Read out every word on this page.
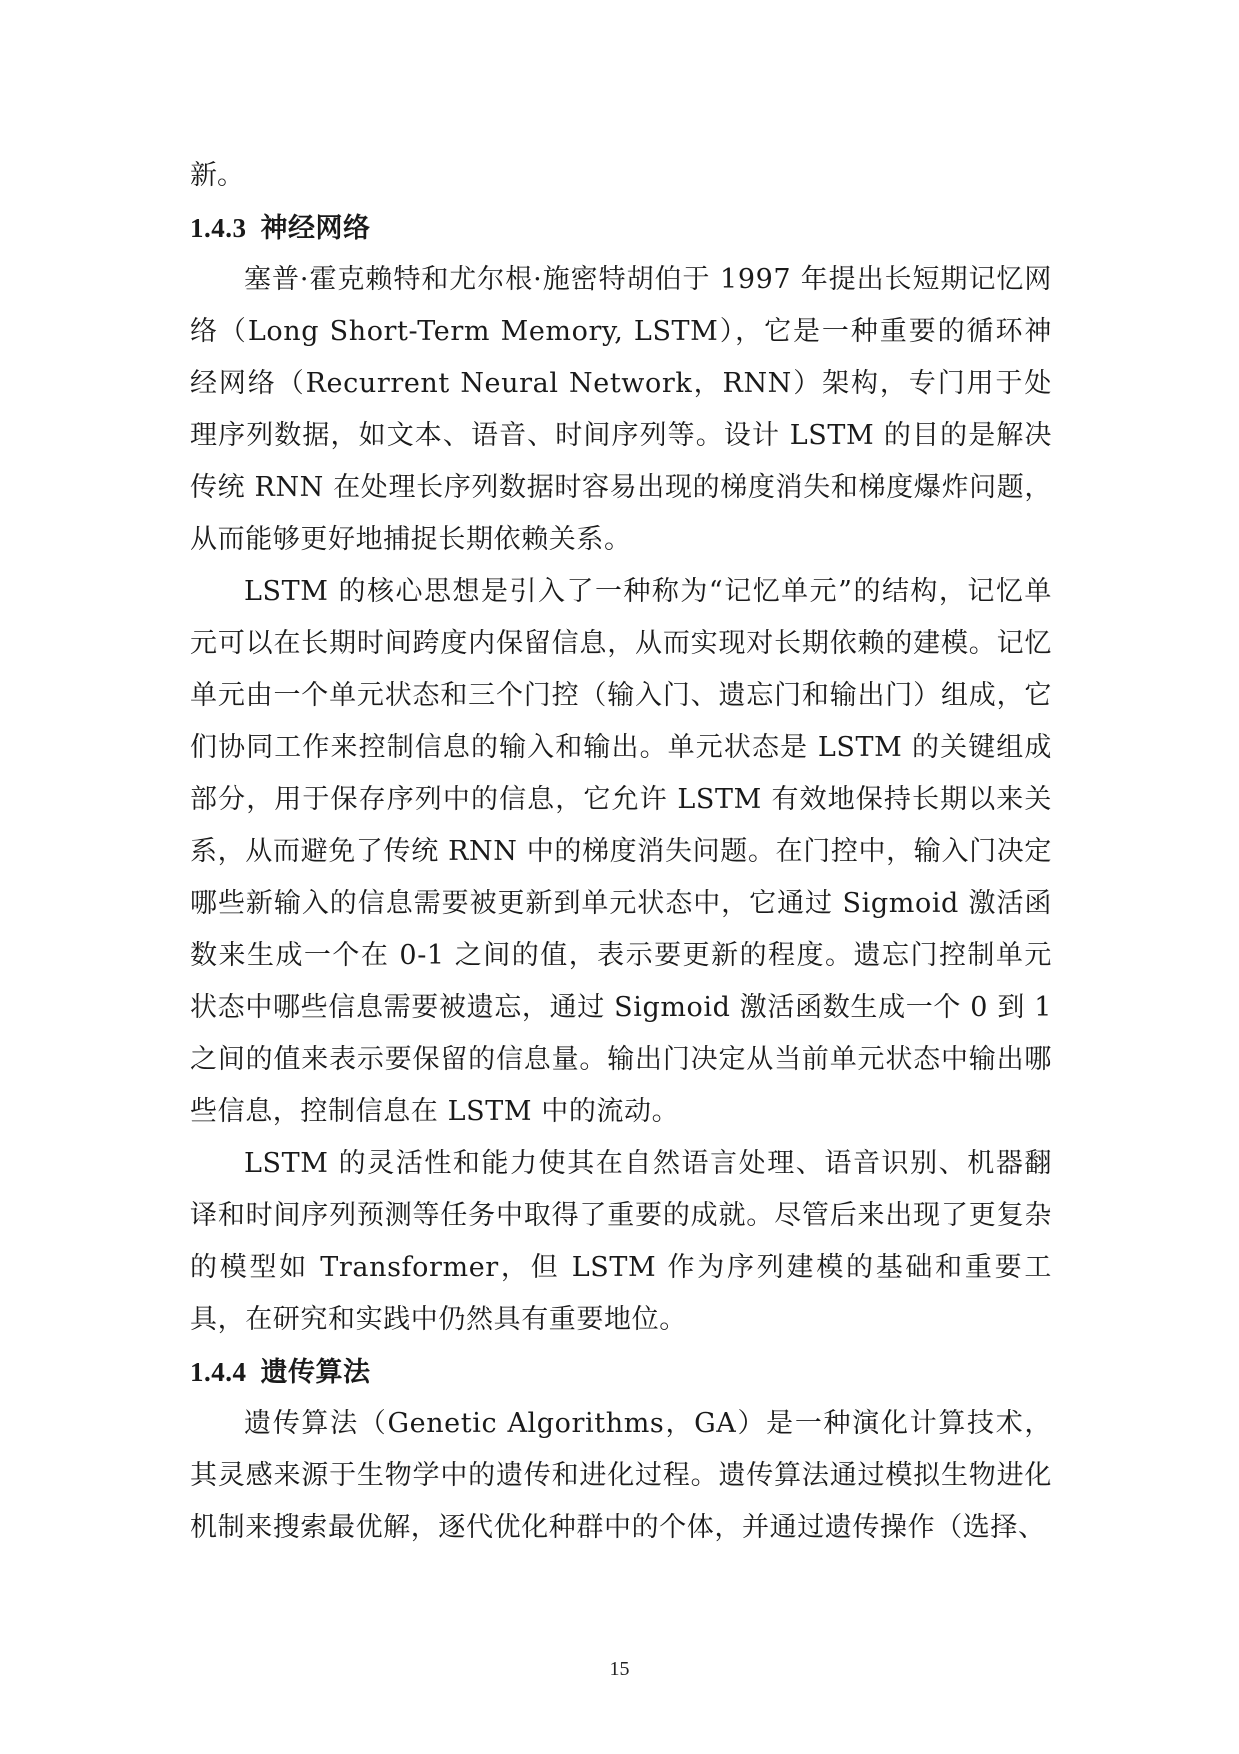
新。

1.4.3 神经网络

塞普·霍克赖特和尤尔根·施密特胡伯于 1997 年提出长短期记忆网络（Long Short-Term Memory, LSTM），它是一种重要的循环神经网络（Recurrent Neural Network，RNN）架构，专门用于处理序列数据，如文本、语音、时间序列等。设计 LSTM 的目的是解决传统 RNN 在处理长序列数据时容易出现的梯度消失和梯度爆炸问题，从而能够更好地捕捉长期依赖关系。

LSTM 的核心思想是引入了一种称为“记忆单元”的结构，记忆单元可以在长期时间跨度内保留信息，从而实现对长期依赖的建模。记忆单元由一个单元状态和三个门控（输入门、遗忘门和输出门）组成，它们协同工作来控制信息的输入和输出。单元状态是 LSTM 的关键组成部分，用于保存序列中的信息，它允许 LSTM 有效地保持长期以来关系，从而避免了传统 RNN 中的梯度消失问题。在门控中，输入门决定哪些新输入的信息需要被更新到单元状态中，它通过 Sigmoid 激活函数来生成一个在 0-1 之间的值，表示要更新的程度。遗忘门控制单元状态中哪些信息需要被遗忘，通过 Sigmoid 激活函数生成一个 0 到 1 之间的值来表示要保留的信息量。输出门决定从当前单元状态中输出哪些信息，控制信息在 LSTM 中的流动。

LSTM 的灵活性和能力使其在自然语言处理、语音识别、机器翻译和时间序列预测等任务中取得了重要的成就。尽管后来出现了更复杂的模型如 Transformer，但 LSTM 作为序列建模的基础和重要工具，在研究和实践中仍然具有重要地位。

1.4.4 遗传算法

遗传算法（Genetic Algorithms，GA）是一种演化计算技术，其灵感来源于生物学中的遗传和进化过程。遗传算法通过模拟生物进化机制来搜索最优解，逐代优化种群中的个体，并通过遗传操作（选择、

15
